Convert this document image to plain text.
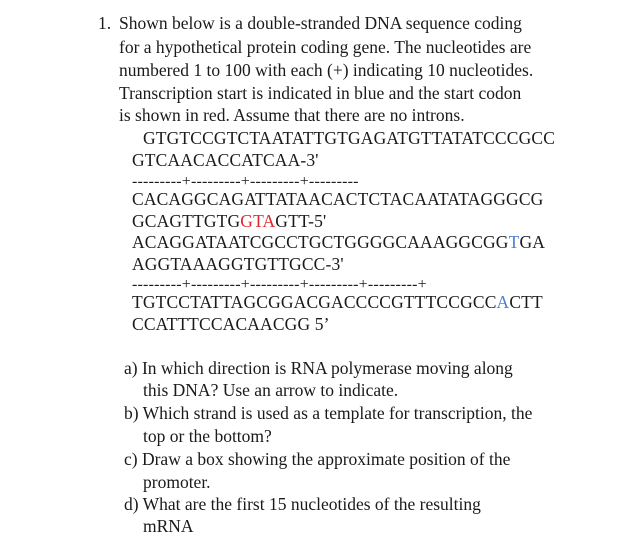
1. Shown below is a double-stranded DNA sequence coding
for a hypothetical protein coding gene. The nucleotides are
numbered 1 to 100 with each (+) indicating 10 nucleotides.
Transcription start is indicated in blue and the start codon
is shown in red. Assume that there are no introns.
GTGTCCGTCTAATATTGTGAGATGTTATATCCCGCC
GTCAACACCATCAA-3'
---------+---------+---------+---------
CACAGGCAGATTATAACACTCTACAATATAGGGCG
GCAGTTGTGGTAGTT-5'
ACAGGATAATCGCCTGCTGGGGCAAAGGCGGTGA
AGGTAAAGGTGTTGCC-3'
---------+---------+---------+---------+---------+
TGTCCTATTAGCGGACGACCCCGTTTCCGCCACTT
CCATTTCCACAACGG 5’
a) In which direction is RNA polymerase moving along
this DNA? Use an arrow to indicate.
b) Which strand is used as a template for transcription, the
top or the bottom?
c) Draw a box showing the approximate position of the
promoter.
d) What are the first 15 nucleotides of the resulting
mRNA
